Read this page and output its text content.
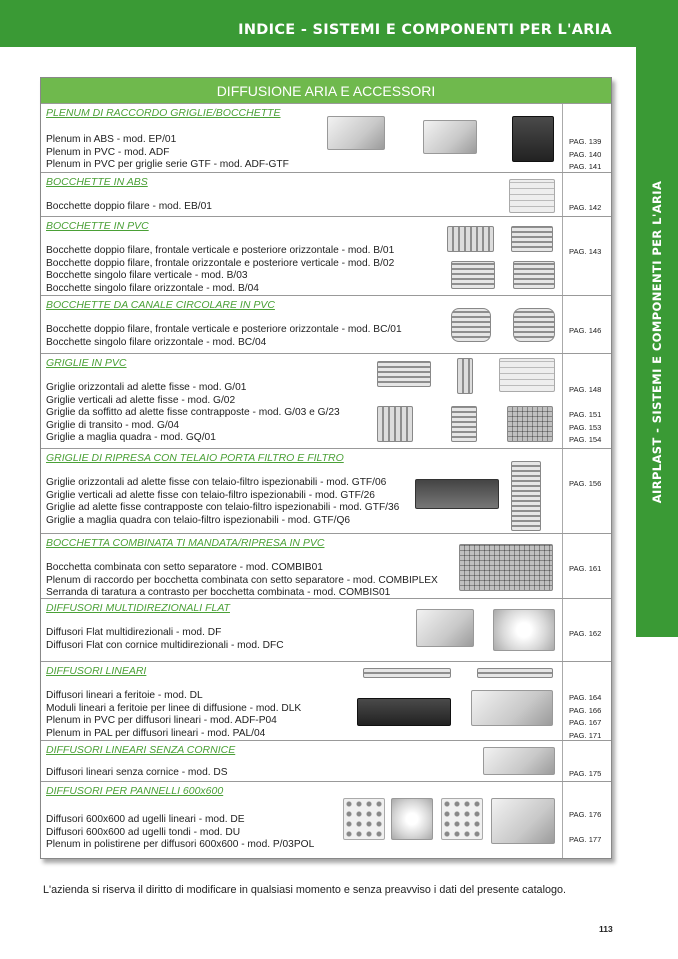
INDICE - SISTEMI E COMPONENTI PER L'ARIA
AIRPLAST - SISTEMI E COMPONENTI PER L'ARIA
DIFFUSIONE ARIA E ACCESSORI
PLENUM DI RACCORDO GRIGLIE/BOCCHETTE
Plenum in ABS - mod. EP/01
Plenum in PVC - mod. ADF
Plenum in PVC per griglie serie GTF - mod. ADF-GTF
PAG. 139
PAG. 140
PAG. 141
BOCCHETTE IN ABS
Bocchette doppio filare - mod. EB/01	PAG. 142
BOCCHETTE IN PVC
Bocchette doppio filare, frontale verticale e posteriore orizzontale - mod. B/01
Bocchette doppio filare, frontale orizzontale e posteriore verticale - mod. B/02
Bocchette singolo filare verticale - mod. B/03
Bocchette singolo filare orizzontale - mod. B/04
PAG. 143
BOCCHETTE DA CANALE CIRCOLARE IN PVC
Bocchette doppio filare, frontale verticale e posteriore orizzontale - mod. BC/01
Bocchette singolo filare orizzontale - mod. BC/04
PAG. 146
GRIGLIE IN PVC
Griglie orizzontali ad alette fisse - mod. G/01
Griglie verticali ad alette fisse - mod. G/02
Griglie da soffitto ad alette fisse contrapposte - mod. G/03 e G/23
Griglie di transito - mod. G/04
Griglie a maglia quadra - mod. GQ/01
PAG. 148
PAG. 151
PAG. 153
PAG. 154
GRIGLIE DI RIPRESA CON TELAIO PORTA FILTRO E FILTRO
Griglie orizzontali ad alette fisse con telaio-filtro ispezionabili - mod. GTF/06
Griglie verticali ad alette fisse con telaio-filtro ispezionabili - mod. GTF/26
Griglie ad alette fisse contrapposte con telaio-filtro ispezionabili - mod. GTF/36
Griglie a maglia quadra con telaio-filtro ispezionabili - mod. GTF/Q6
PAG. 156
BOCCHETTA COMBINATA TI MANDATA/RIPRESA IN PVC
Bocchetta combinata con setto separatore - mod. COMBIB01
Plenum di raccordo per bocchetta combinata con setto separatore - mod. COMBIPLEX
Serranda di taratura a contrasto per bocchetta combinata - mod. COMBIS01
PAG. 161
DIFFUSORI MULTIDIREZIONALI FLAT
Diffusori Flat multidirezionali - mod. DF
Diffusori Flat con cornice multidirezionali - mod. DFC
PAG. 162
DIFFUSORI LINEARI
Diffusori lineari a feritoie - mod. DL
Moduli lineari a feritoie per linee di diffusione - mod. DLK
Plenum in PVC per diffusori lineari - mod. ADF-P04
Plenum in PAL per diffusori lineari - mod. PAL/04
PAG. 164
PAG. 166
PAG. 167
PAG. 171
DIFFUSORI LINEARI SENZA CORNICE
Diffusori lineari senza cornice - mod. DS	PAG. 175
DIFFUSORI PER PANNELLI 600x600
Diffusori 600x600 ad ugelli lineari - mod. DE
Diffusori 600x600 ad ugelli tondi - mod. DU
Plenum in polistirene per diffusori 600x600 - mod. P/03POL
PAG. 176
PAG. 177
L'azienda si riserva il diritto di modificare in qualsiasi momento e senza preavviso i dati del presente catalogo.
113
